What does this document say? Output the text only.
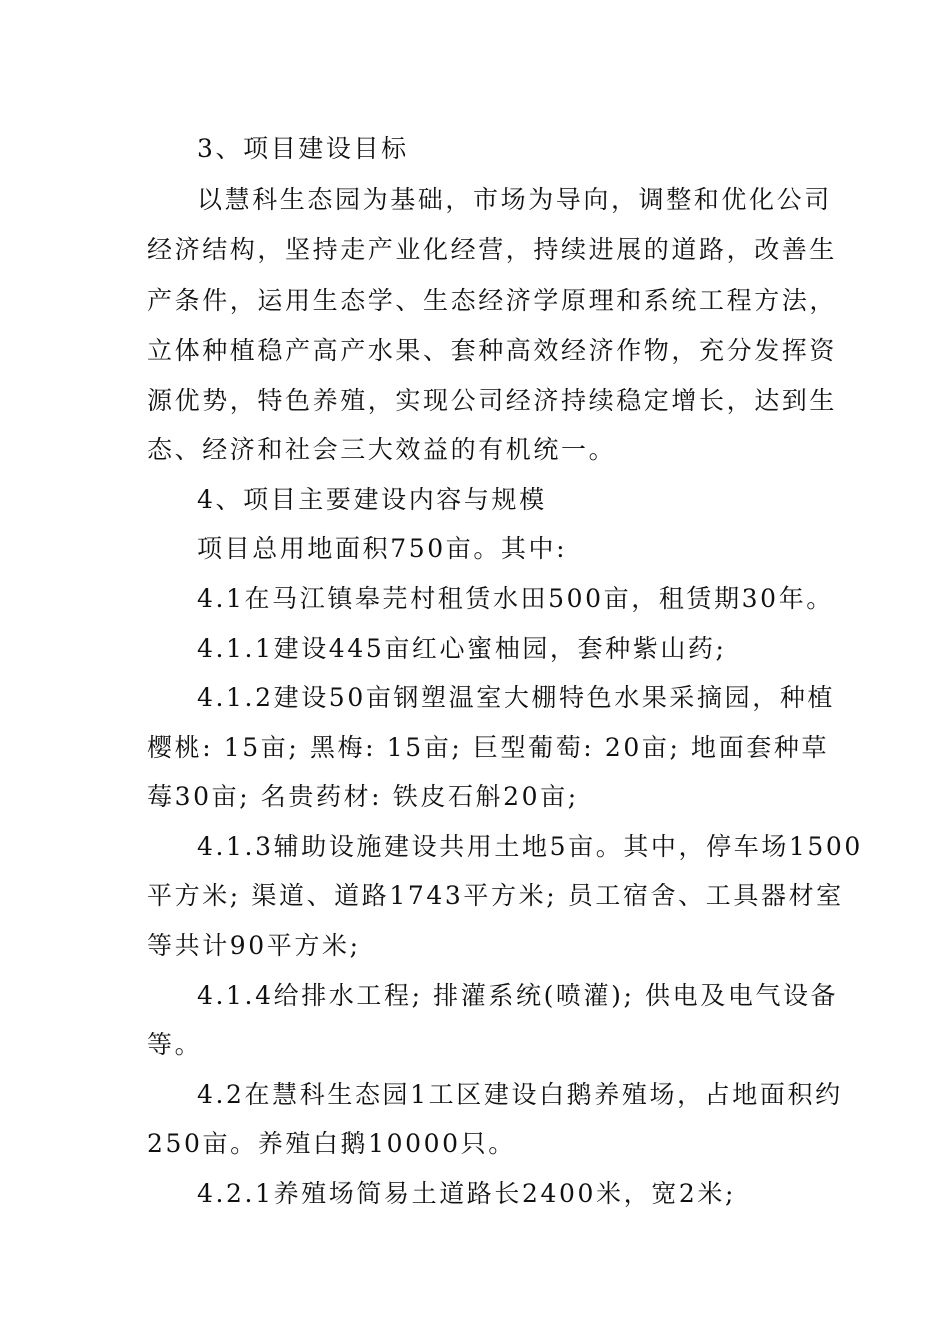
3、项目建设目标
以慧科生态园为基础，市场为导向，调整和优化公司
经济结构，坚持走产业化经营，持续进展的道路，改善生
产条件，运用生态学、生态经济学原理和系统工程方法，
立体种植稳产高产水果、套种高效经济作物，充分发挥资
源优势，特色养殖，实现公司经济持续稳定增长，达到生
态、经济和社会三大效益的有机统一。
4、项目主要建设内容与规模
项目总用地面积750亩。其中:
4.1在马江镇皋芫村租赁水田500亩，租赁期30年。
4.1.1建设445亩红心蜜柚园，套种紫山药;
4.1.2建设50亩钢塑温室大棚特色水果采摘园，种植
樱桃: 15亩; 黑梅: 15亩; 巨型葡萄: 20亩; 地面套种草
莓30亩; 名贵药材: 铁皮石斛20亩;
4.1.3辅助设施建设共用土地5亩。其中，停车场1500
平方米; 渠道、道路1743平方米; 员工宿舍、工具器材室
等共计90平方米;
4.1.4给排水工程; 排灌系统(喷灌); 供电及电气设备
等。
4.2在慧科生态园1工区建设白鹅养殖场，占地面积约
250亩。养殖白鹅10000只。
4.2.1养殖场简易土道路长2400米，宽2米;
